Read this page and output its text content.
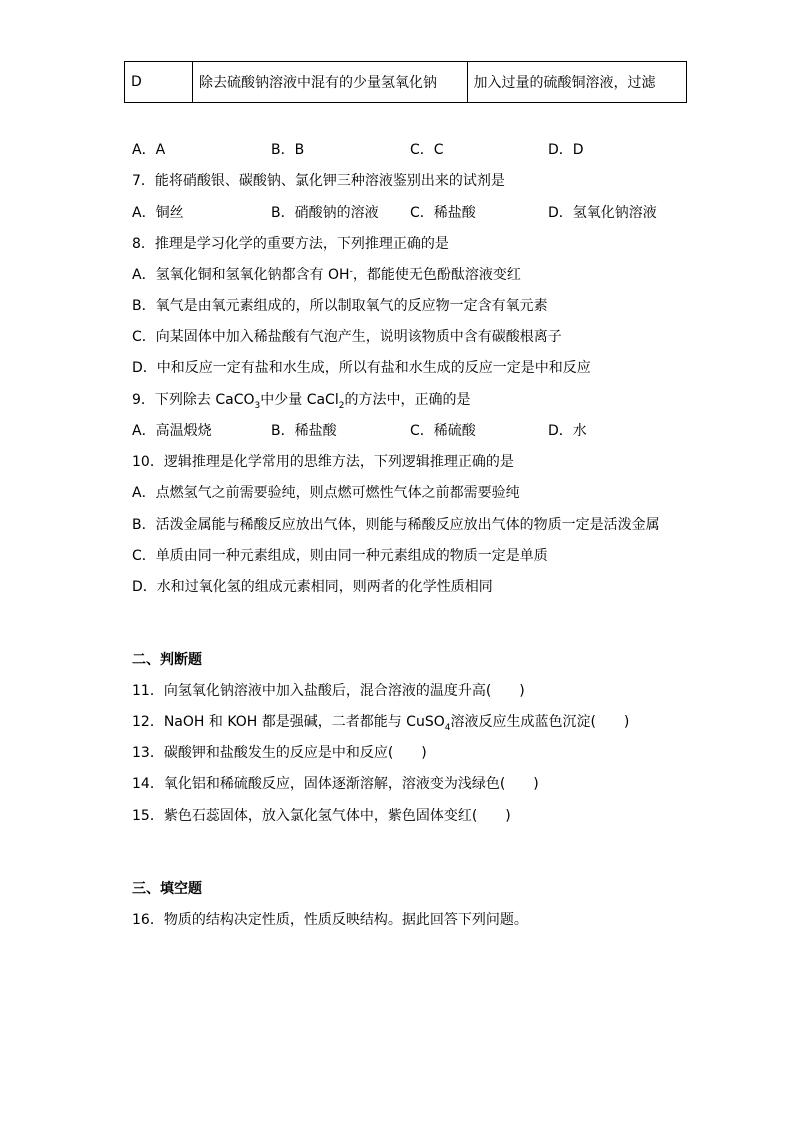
D	除去硫酸钠溶液中混有的少量氢氧化钠	加入过量的硫酸铜溶液，过滤
A．A	B．B	C．C	D．D
7．能将硝酸银、碳酸钠、氯化钾三种溶液鉴别出来的试剂是
A．铜丝	B．硝酸钠的溶液 C．稀盐酸	D．氢氧化钠溶液
8．推理是学习化学的重要方法，下列推理正确的是
A．氢氧化铜和氢氧化钠都含有 OH-，都能使无色酚酞溶液变红
B．氧气是由氧元素组成的，所以制取氧气的反应物一定含有氧元素
C．向某固体中加入稀盐酸有气泡产生，说明该物质中含有碳酸根离子
D．中和反应一定有盐和水生成，所以有盐和水生成的反应一定是中和反应
9．下列除去 CaCO$_3$中少量 CaCl$_2$的方法中，正确的是
A．高温煅烧	B．稀盐酸	C．稀硫酸	D．水
10．逻辑推理是化学常用的思维方法，下列逻辑推理正确的是
A．点燃氢气之前需要验纯，则点燃可燃性气体之前都需要验纯
B．活泼金属能与稀酸反应放出气体，则能与稀酸反应放出气体的物质一定是活泼金属
C．单质由同一种元素组成，则由同一种元素组成的物质一定是单质
D．水和过氧化氢的组成元素相同，则两者的化学性质相同
二、判断题
11．向氢氧化钠溶液中加入盐酸后，混合溶液的温度升高(　　)
12．NaOH 和 KOH 都是强碱，二者都能与 CuSO$_4$溶液反应生成蓝色沉淀(　　)
13．碳酸钾和盐酸发生的反应是中和反应(　　)
14．氧化铝和稀硫酸反应，固体逐渐溶解，溶液变为浅绿色(　　)
15．紫色石蕊固体，放入氯化氢气体中，紫色固体变红(　　)
三、填空题
16．物质的结构决定性质，性质反映结构。据此回答下列问题。
